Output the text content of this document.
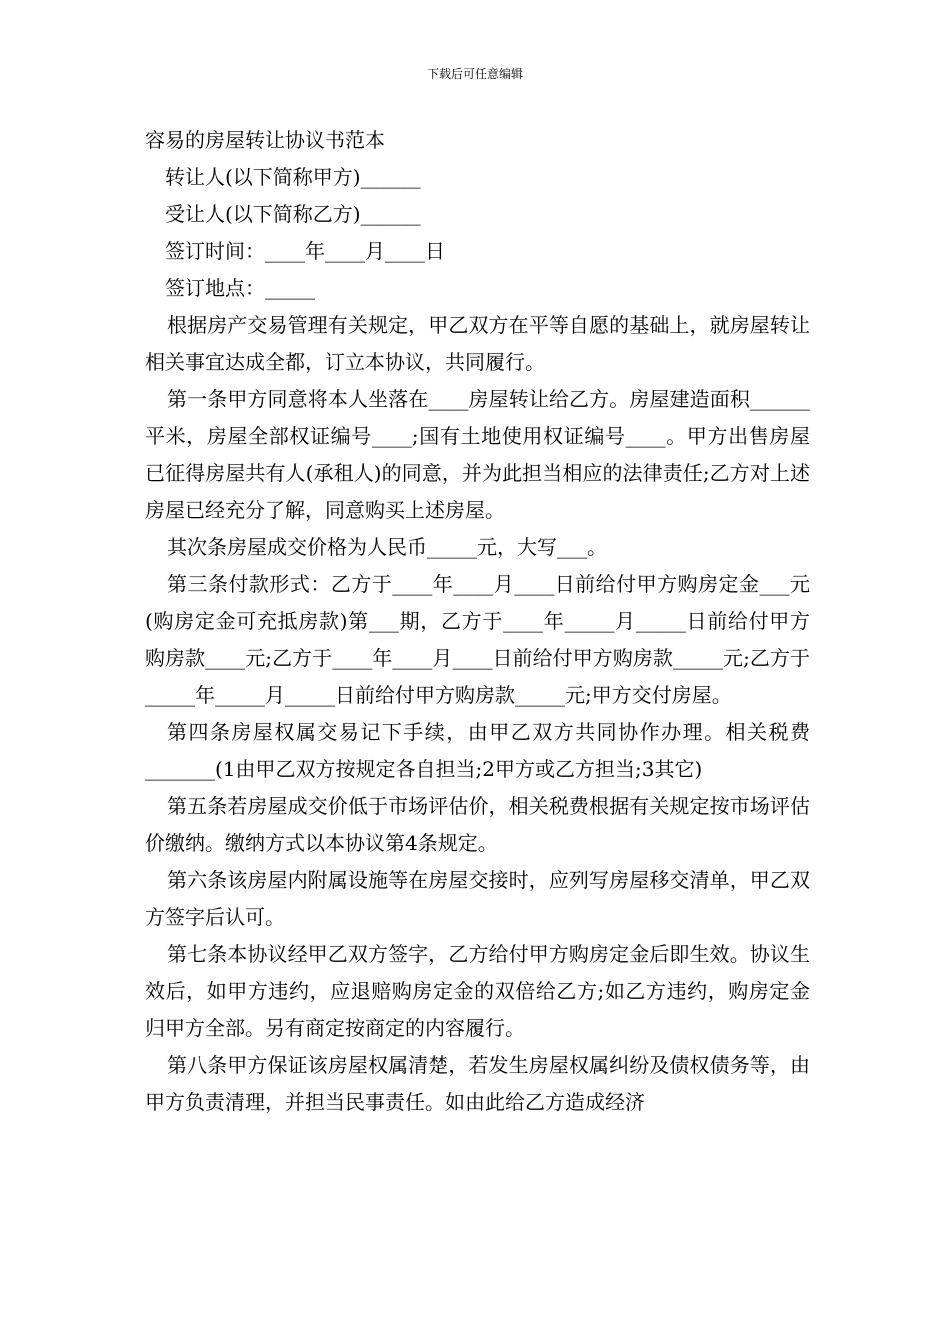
下载后可任意编辑
容易的房屋转让协议书范本

转让人(以下简称甲方)______

受让人(以下简称乙方)______

签订时间：____年____月____日

签订地点：_____

根据房产交易管理有关规定，甲乙双方在平等自愿的基础上，就房屋转让相关事宜达成全都，订立本协议，共同履行。

第一条甲方同意将本人坐落在____房屋转让给乙方。房屋建造面积______平米，房屋全部权证编号____;国有土地使用权证编号____。甲方出售房屋已征得房屋共有人(承租人)的同意，并为此担当相应的法律责任;乙方对上述房屋已经充分了解，同意购买上述房屋。

其次条房屋成交价格为人民币_____元，大写___。

第三条付款形式：乙方于____年____月____日前给付甲方购房定金___元(购房定金可充抵房款)第___期，乙方于____年_____月_____日前给付甲方购房款____元;乙方于____年____月____日前给付甲方购房款_____元;乙方于_____年_____月_____日前给付甲方购房款_____元;甲方交付房屋。

第四条房屋权属交易记下手续，由甲乙双方共同协作办理。相关税费_______(1由甲乙双方按规定各自担当;2甲方或乙方担当;3其它)

第五条若房屋成交价低于市场评估价，相关税费根据有关规定按市场评估价缴纳。缴纳方式以本协议第4条规定。

第六条该房屋内附属设施等在房屋交接时，应列写房屋移交清单，甲乙双方签字后认可。

第七条本协议经甲乙双方签字，乙方给付甲方购房定金后即生效。协议生效后，如甲方违约，应退赔购房定金的双倍给乙方;如乙方违约，购房定金归甲方全部。另有商定按商定的内容履行。

第八条甲方保证该房屋权属清楚，若发生房屋权属纠纷及债权债务等，由甲方负责清理，并担当民事责任。如由此给乙方造成经济
